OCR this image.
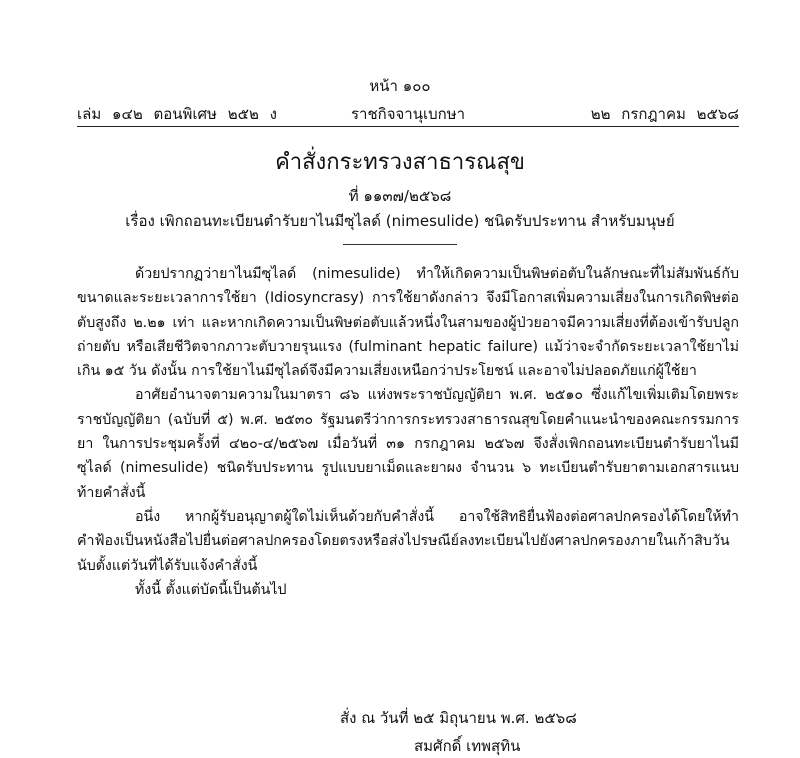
หน้า ๑๐๐
เล่ม ๑๔๒ ตอนพิเศษ ๒๕๒ ง	ราชกิจจานุเบกษา	๒๒ กรกฎาคม ๒๕๖๘
คำสั่งกระทรวงสาธารณสุข
ที่ ๑๑๓๗/๒๕๖๘
เรื่อง เพิกถอนทะเบียนตำรับยาไนมีซุไลด์ (nimesulide) ชนิดรับประทาน สำหรับมนุษย์

ด้วยปรากฏว่ายาไนมีซุไลด์ (nimesulide) ทำให้เกิดความเป็นพิษต่อตับในลักษณะที่ไม่สัมพันธ์กับขนาดและระยะเวลาการใช้ยา (Idiosyncrasy) การใช้ยาดังกล่าว จึงมีโอกาสเพิ่มความเสี่ยงในการเกิดพิษต่อตับสูงถึง ๒.๒๑ เท่า และหากเกิดความเป็นพิษต่อตับแล้วหนึ่งในสามของผู้ป่วยอาจมีความเสี่ยงที่ต้องเข้ารับปลูกถ่ายตับ หรือเสียชีวิตจากภาวะตับวายรุนแรง (fulminant hepatic failure) แม้ว่าจะจำกัดระยะเวลาใช้ยาไม่เกิน ๑๕ วัน ดังนั้น การใช้ยาไนมีซุไลด์จึงมีความเสี่ยงเหนือกว่าประโยชน์ และอาจไม่ปลอดภัยแก่ผู้ใช้ยา

อาศัยอำนาจตามความในมาตรา ๘๖ แห่งพระราชบัญญัติยา พ.ศ. ๒๕๑๐ ซึ่งแก้ไขเพิ่มเติมโดยพระราชบัญญัติยา (ฉบับที่ ๕) พ.ศ. ๒๕๓๐ รัฐมนตรีว่าการกระทรวงสาธารณสุขโดยคำแนะนำของคณะกรรมการยา ในการประชุมครั้งที่ ๔๒๐-๔/๒๕๖๗ เมื่อวันที่ ๓๑ กรกฎาคม ๒๕๖๗ จึงสั่งเพิกถอนทะเบียนตำรับยาไนมีซุไลด์ (nimesulide) ชนิดรับประทาน รูปแบบยาเม็ดและยาผง จำนวน ๖ ทะเบียนตำรับยาตามเอกสารแนบท้ายคำสั่งนี้

อนึ่ง หากผู้รับอนุญาตผู้ใดไม่เห็นด้วยกับคำสั่งนี้ อาจใช้สิทธิยื่นฟ้องต่อศาลปกครองได้โดยให้ทำคำฟ้องเป็นหนังสือไปยื่นต่อศาลปกครองโดยตรงหรือส่งไปรษณีย์ลงทะเบียนไปยังศาลปกครองภายในเก้าสิบวันนับตั้งแต่วันที่ได้รับแจ้งคำสั่งนี้

ทั้งนี้ ตั้งแต่บัดนี้เป็นต้นไป

สั่ง ณ วันที่ ๒๕ มิถุนายน พ.ศ. ๒๕๖๘
สมศักดิ์ เทพสุทิน
